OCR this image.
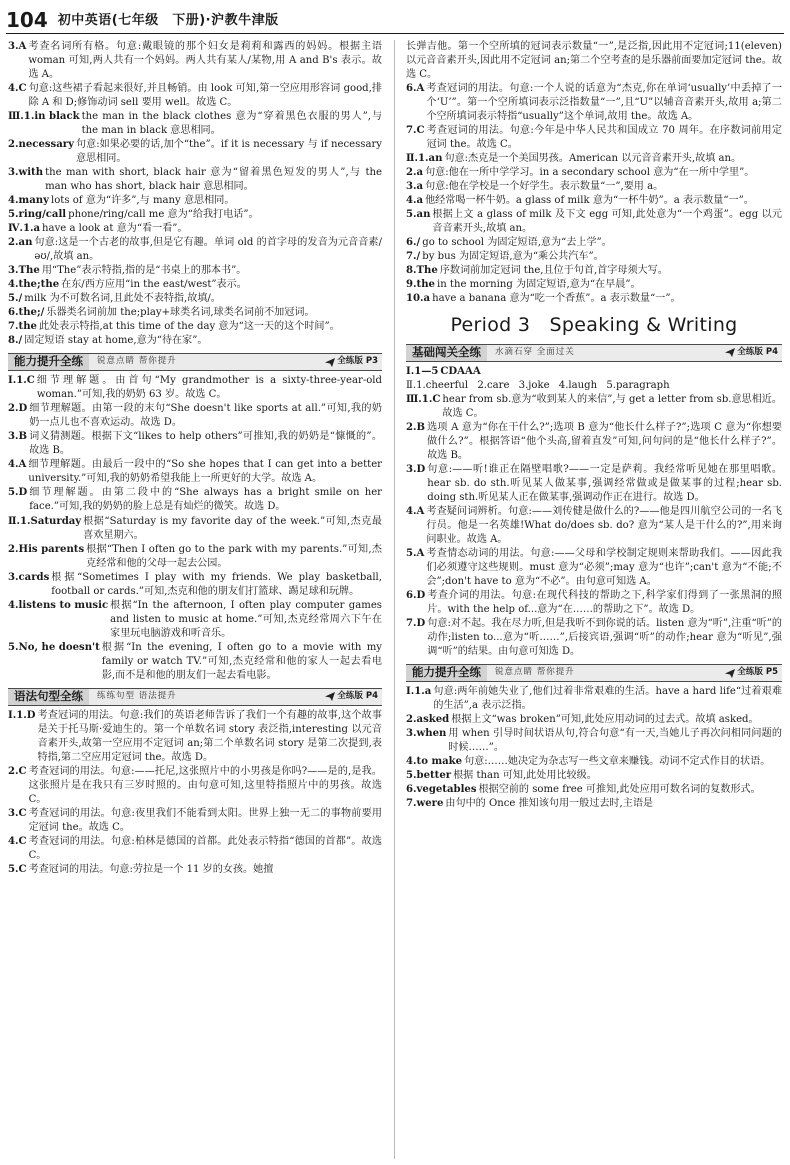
104 初中英语(七年级　下册)·沪教牛津版
3.A 考查名词所有格。句意:戴眼镜的那个妇女是莉莉和露西的妈妈。根据主语 woman 可知,两人共有一个妈妈。两人共有某人/某物,用 A and B's 表示。故选 A。
4.C 句意:这些裙子看起来很好,并且畅销。由 look 可知,第一空应用形容词 good,排除 A 和 D;修饰动词 sell 要用 well。故选 C。
Ⅲ.1.in black the man in the black clothes 意为“穿着黑色衣服的男人”,与 the man in black 意思相同。
2.necessary 句意:如果必要的话,加个“the”。if it is necessary 与 if necessary 意思相同。
3.with the man with short, black hair 意为“留着黑色短发的男人”,与 the man who has short, black hair 意思相同。
4.many lots of 意为“许多”,与 many 意思相同。
5.ring/call phone/ring/call me 意为“给我打电话”。
Ⅳ.1.a have a look at 意为“看一看”。
2.an 句意:这是一个古老的故事,但是它有趣。单词 old 的首字母的发音为元音音素/əʊ/,故填 an。
3.The 用“The”表示特指,指的是“书桌上的那本书”。
4.the;the 在东/西方应用“in the east/west”表示。
5./ milk 为不可数名词,且此处不表特指,故填/。
6.the;/ 乐器类名词前加 the;play+球类名词,球类名词前不加冠词。
7.the 此处表示特指,at this time of the day 意为“这一天的这个时间”。
8./ 固定短语 stay at home,意为“待在家”。
能力提升全练	锐意点睛 帮你提升	全练版 P3
Ⅰ.1.C 细节理解题。由首句“My grandmother is a sixty-three-year-old woman.”可知,我的奶奶 63 岁。故选 C。
2.D 细节理解题。由第一段的末句“She doesn't like sports at all.”可知,我的奶奶一点儿也不喜欢运动。故选 D。
3.B 词义猜测题。根据下文“likes to help others”可推知,我的奶奶是“慷慨的”。故选 B。
4.A 细节理解题。由最后一段中的“So she hopes that I can get into a better university.”可知,我的奶奶希望我能上一所更好的大学。故选 A。
5.D 细节理解题。由第二段中的“She always has a bright smile on her face.”可知,我的奶奶的脸上总是有灿烂的微笑。故选 D。
Ⅱ.1.Saturday 根据“Saturday is my favorite day of the week.”可知,杰克最喜欢星期六。
2.His parents 根据“Then I often go to the park with my parents.”可知,杰克经常和他的父母一起去公园。
3.cards 根据“Sometimes I play with my friends. We play basketball, football or cards.”可知,杰克和他的朋友们打篮球、踢足球和玩牌。
4.listens to music 根据“In the afternoon, I often play computer games and listen to music at home.”可知,杰克经常周六下午在家里玩电脑游戏和听音乐。
5.No, he doesn't 根据“In the evening, I often go to a movie with my family or watch TV.”可知,杰克经常和他的家人一起去看电影,而不是和他的朋友们一起去看电影。
语法句型全练	练练句型 语法提升	全练版 P4
Ⅰ.1.D 考查冠词的用法。句意:我们的英语老师告诉了我们一个有趣的故事,这个故事是关于托马斯·爱迪生的。第一个单数名词 story 表泛指,interesting 以元音音素开头,故第一空应用不定冠词 an;第二个单数名词 story 是第二次提到,表特指,第二空应用定冠词 the。故选 D。
2.C 考查冠词的用法。句意:——托尼,这张照片中的小男孩是你吗?——是的,是我。这张照片是在我只有三岁时照的。由句意可知,这里特指照片中的男孩。故选 C。
3.C 考查冠词的用法。句意:夜里我们不能看到太阳。世界上独一无二的事物前要用定冠词 the。故选 C。
4.C 考查冠词的用法。句意:柏林是德国的首都。此处表示特指“德国的首都”。故选 C。
5.C 考查冠词的用法。句意:劳拉是一个 11 岁的女孩。她擅
长弹吉他。第一个空所填的冠词表示数量“一”,是泛指,因此用不定冠词;11(eleven)以元音音素开头,因此用不定冠词 an;第二个空考查的是乐器前面要加定冠词 the。故选 C。
6.A 考查冠词的用法。句意:一个人说的话意为“杰克,你在单词‘usually’中丢掉了一个‘U’”。第一个空所填词表示泛指数量“一”,且“U”以辅音音素开头,故用 a;第二个空所填词表示特指“usually”这个单词,故用 the。故选 A。
7.C 考查冠词的用法。句意:今年是中华人民共和国成立 70 周年。在序数词前用定冠词 the。故选 C。
Ⅱ.1.an 句意:杰克是一个美国男孩。American 以元音音素开头,故填 an。
2.a 句意:他在一所中学学习。in a secondary school 意为“在一所中学里”。
3.a 句意:他在学校是一个好学生。表示数量“一”,要用 a。
4.a 他经常喝一杯牛奶。a glass of milk 意为“一杯牛奶”。a 表示数量“一”。
5.an 根据上文 a glass of milk 及下文 egg 可知,此处意为“一个鸡蛋”。egg 以元音音素开头,故填 an。
6./ go to school 为固定短语,意为“去上学”。
7./ by bus 为固定短语,意为“乘公共汽车”。
8.The 序数词前加定冠词 the,且位于句首,首字母须大写。
9.the in the morning 为固定短语,意为“在早晨”。
10.a have a banana 意为“吃一个香蕉”。a 表示数量“一”。
Period 3　Speaking & Writing
基础闯关全练	水滴石穿 全面过关	全练版 P4
Ⅰ.1—5 CDAAA
Ⅱ.1.cheerful 2.care 3.joke 4.laugh 5.paragraph
Ⅲ.1.C hear from sb.意为“收到某人的来信”,与 get a letter from sb.意思相近。故选 C。
2.B 选项 A 意为“你在干什么?”;选项 B 意为“他长什么样子?”;选项 C 意为“你想要做什么?”。根据答语“他个头高,留着直发”可知,问句问的是“他长什么样子?”。故选 B。
3.D 句意:——听!谁正在隔壁唱歌?——一定是萨莉。我经常听见她在那里唱歌。hear sb. do sth.听见某人做某事,强调经常做或是做某事的过程;hear sb. doing sth.听见某人正在做某事,强调动作正在进行。故选 D。
4.A 考查疑问词辨析。句意:——刘传健是做什么的?——他是四川航空公司的一名飞行员。他是一名英雄!What do/does sb. do? 意为“某人是干什么的?”,用来询问职业。故选 A。
5.A 考查情态动词的用法。句意:——父母和学校制定规则来帮助我们。——因此我们必须遵守这些规则。must 意为“必须”;may 意为“也许”;can't 意为“不能;不会”;don't have to 意为“不必”。由句意可知选 A。
6.D 考查介词的用法。句意:在现代科技的帮助之下,科学家们得到了一张黑洞的照片。with the help of...意为“在……的帮助之下”。故选 D。
7.D 句意:对不起。我在尽力听,但是我听不到你说的话。listen 意为“听”,注重“听”的动作;listen to...意为“听……”,后接宾语,强调“听”的动作;hear 意为“听见”,强调“听”的结果。由句意可知选 D。
能力提升全练	锐意点睛 帮你提升	全练版 P5
Ⅰ.1.a 句意:两年前她失业了,他们过着非常艰难的生活。have a hard life“过着艰难的生活”,a 表示泛指。
2.asked 根据上文“was broken”可知,此处应用动词的过去式。故填 asked。
3.when 用 when 引导时间状语从句,符合句意“有一天,当她儿子再次问相同问题的时候……”。
4.to make 句意:……她决定为杂志写一些文章来赚钱。动词不定式作目的状语。
5.better 根据 than 可知,此处用比较级。
6.vegetables 根据空前的 some free 可推知,此处应用可数名词的复数形式。
7.were 由句中的 Once 推知该句用一般过去时,主语是
